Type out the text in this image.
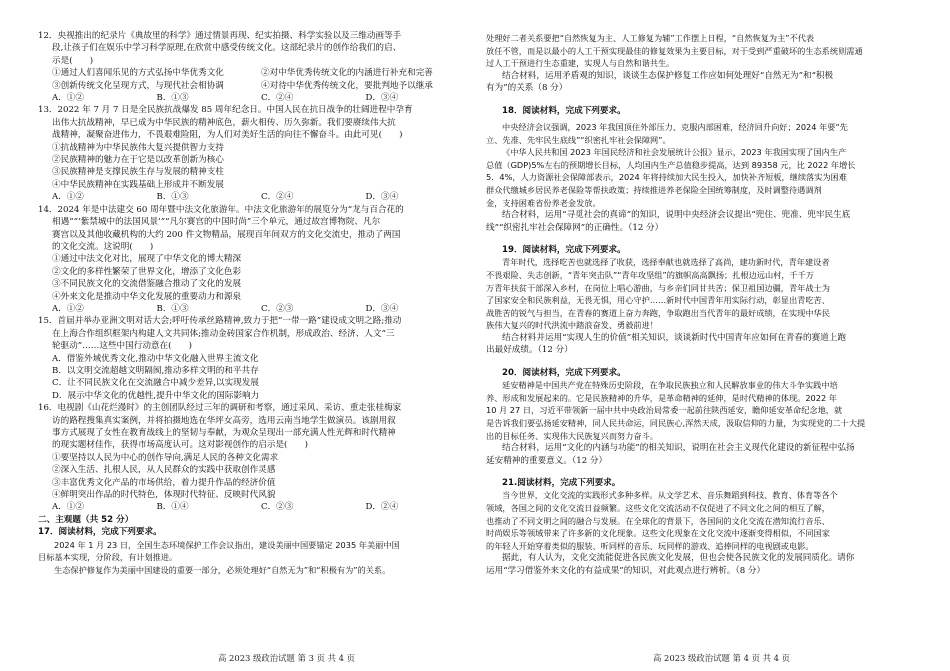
12．央视推出的纪录片《典故里的科学》通过情景再现、纪实拍摄、科学实验以及三维动画等手
段,让孩子们在娱乐中学习科学原理,在欣赏中感受传统文化。这部纪录片的创作给我们的启、
示是(　　)

①通过人们喜闻乐见的方式弘扬中华优秀文化	②对中华优秀传统文化的内涵进行补充和完善
③创新传统文化呈现方式，与现代社会相协调	④对待中华优秀传统文化，要批判地予以继承
A．①②	B．①③	C．②④	D．③④

13．2022 年 7 月 7 日是全民族抗战爆发 85 周年纪念日。中国人民在抗日战争的壮阔进程中孕育
出伟大抗战精神，早已成为中华民族的精神底色，薪火相传、历久弥新。我们要赓续伟大抗
战精神，凝聚奋进伟力，不畏艰难险阻，为人们对美好生活的向往不懈奋斗。由此可见(　　)

①抗战精神为中华民族伟大复兴提供智力支持
②民族精神的魅力在于它是以改革创新为核心
③民族精神是支撑民族生存与发展的精神支柱
④中华民族精神在实践基础上形成并不断发展

A．①②	B．①③	C．②④	D．③④

14．2024 年是中法建交 60 周年暨中法文化旅游年。中法文化旅游年的展览分为“龙与百合花的
相遇”“‘紫禁城中的法国风景’”“凡尔赛宫的中国时尚”三个单元，通过故宫博物院、凡尔
赛宫以及其他收藏机构的大约 200 件文物精品，展现百年间双方的文化交流史，推动了两国
的文化交流。这说明(　　)

①通过中法文化对比，展现了中华文化的博大精深
②文化的多样性繁荣了世界文化，增添了文化色彩
③不同民族文化的交流借鉴融合推动了文化的发展
④外来文化是推动中华文化发展的重要动力和源泉

A．①②	B．①③	C．②③	D．③④

15．首届并举办亚洲文明对话大会;呼吁传承丝路精神,致力于把“一带一路”建设成文明之路;推动
在上海合作组织框架内构建人文共同体;推动金砖国家合作机制，形成政治、经济、人文“三
轮驱动”……这些中国行动意在(　　)

A．借鉴外域优秀文化,推动中华文化融入世界主流文化
B．以文明交流超越文明隔阂,推动多样文明的和平共存
C．让不同民族文化在交流融合中减少差异,以实现发展
D．展示中华文化的优越性,提升中华文化的国际影响力

16．电视剧《山花烂漫时》的主创团队经过三年的调研和考察，通过采风、采访、重走张桂梅家
访的路程搜集真实案例，并将拍摄地选在华坪女高旁，选用云南当地学生做演员。该剧用叙
事方式展现了女性在教育战线上的坚韧与奉献，为观众呈现出一部充满人性光辉和时代精神
的现实题材佳作，获得市场高度认可。这对影视创作的启示是(　　)

①要坚持以人民为中心的创作导向,满足人民的各种文化需求
②深入生活、扎根人民，从人民群众的实践中获取创作灵感
③丰富优秀文化产品的市场供给，着力提升作品的经济价值
④鲜明突出作品的时代特色，体现时代特征、反映时代风貌

A．①②	B．①④	C．②③	D．②④

二、主观题（共 52 分）

17．阅读材料，完成下列要求。

2024 年 1 月 23 日，全国生态环境保护工作会议指出，建设美丽中国要锚定 2035 年美丽中国
目标基本实现，分阶段，有计划推进。
生态保护修复作为美丽中国建设的重要一部分，必须处理好“自然无为”和“积极有为”的关系。

处理好二者关系要把“自然恢复为主、人工修复为辅”工作摆上日程，“自然恢复为主”不代表
放任不管，而是以最小的人工干预实现最佳的修复效果为主要目标，对于受到严重破坏的生态系统则需通
过人工干预进行生态重建，实现人与自然和谐共生。

结合材料，运用矛盾观的知识，谈谈生态保护修复工作应如何处理好“自然无为”和“积极
有为”的关系（8 分）

18．阅读材料，完成下列要求。

中央经济会议强调，2023 年我国顶住外部压力、克服内部困难，经济回升向好；2024 年要“先
立、先准、先牢民生底线”“织密扎牢社会保障网”。
《中华人民共和国 2023 年国民经济和社会发展统计公报》显示，2023 年我国实现了国内生产
总值（GDP)5%左右的预期增长目标，人均国内生产总值稳步提高，达到 89358 元，比 2022 年增长
5．4%，人力资源社会保障部表示，2024 年将持续加大民生投入，加快补齐短板，继续落实为困难
群众代缴城乡居民养老保险等帮扶政策；持续推进养老保险全国统筹制度，及时调整待遇调剂
金，支持困难省份养老金发放。

结合材料，运用“寻觅社会的真谛”的知识，说明中央经济会议提出“兜住、兜准、兜牢民生底
线”“织密扎牢社会保障网”的正确性。（12 分）

19．阅读材料，完成下列要求。

青年时代，选择吃苦也就选择了收获，选择奉献也就选择了高尚，建功新时代，青年建设者
不畏艰险、失志创新，“青年突击队”“青年攻坚组”的旗帜高高飘扬；扎根边远山村，千千万
万青年扶贫干部深入乡村，在岗位上唱心游曲，与乡亲们同甘共苦；保卫祖国边疆，青年战士为
了国家安全和民族利益，无畏无惧，用心守护……新时代中国青年用实际行动，彰显出青吃苦、
战胜苦的锐气与担当，在青春的赛道上奋力奔跑，争取跑出当代青年的最好成绩，在实现中华民
族伟大复兴的时代洪流中踏浪奋发、勇毅前进！

结合材料并运用“实现人生的价值”相关知识，谈谈新时代中国青年应如何在青春的赛道上跑
出最好成绩。（12 分）

20．阅读材料，完成下列要求。

延安精神是中国共产党在特殊历史阶段，在争取民族独立和人民解放事业的伟大斗争实践中培
养、形成和发展起来的。它是民族精神的升华，是革命精神的延伸，是时代精神的体现。2022 年
10 月 27 日，习近平带领新一届中共中央政治局常委一起前往陕西延安，瞻仰延安革命纪念地，就
是告诉我们要弘扬延安精神，同人民共命运，同民族心,浑然天成，汲取信仰的力量，为实现党的二十大提
出的目标任务、实现伟大民族复兴而努力奋斗。

结合材料，运用“文化的内涵与功能”的相关知识，说明在社会主义现代化建设的新征程中弘扬
延安精神的重要意义。（12 分）

21.阅读材料，完成下列要求。

当今世界，文化交流的实践形式多种多样。从文学艺术、音乐舞蹈到科技、教育、体育等各个
领域，各国之间的文化交流日益频繁。这些文化交流活动不仅促进了不同文化之间的相互了解，
也推动了不同文明之间的融合与发展。在全球化的背景下，各国间的文化交流在潜知流行音乐、
时尚娱乐等领域带来了许多新的文化现象。这些文化现象在文化交流中逐渐变得相似，不同国家
的年轻人开始穿着类似的服装、听同样的音乐、玩同样的游戏、追捧同样的电视剧或电影。

据此，有人认为，文化交流能促进各民族文化发展，但也会使各民族文化的发展同质化。请你
运用“学习借鉴外来文化的有益成果”的知识，对此观点进行辨析。（8 分）

高 2023 级政治试题 第 3 页 共 4 页	高 2023 级政治试题 第 4 页 共 4 页
